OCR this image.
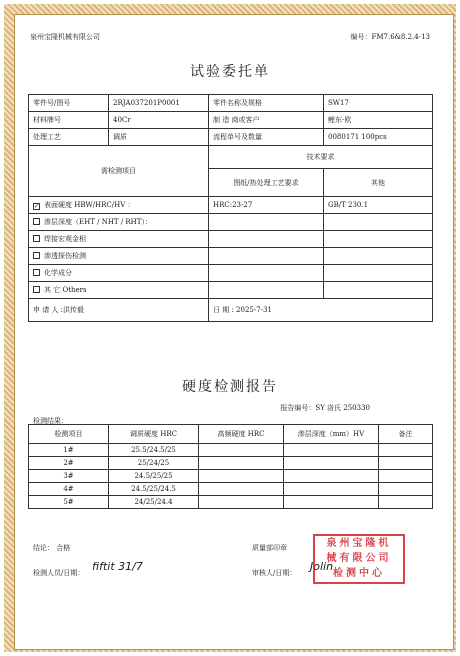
泉州宝隆机械有限公司	编号：FM7.6&8.2.4-13
试验委托单
零件号/图号	2RJA037201P0001	零件名称及规格	SW17
材料牌号	40Cr	制 造 商或客户	鲤东-欧
处理工艺	调质	流程单号及数量	0080171 100pcs
需检测项目		技术要求	
		图纸/热处理工艺要求	其他
✓ 表面硬度 HBW/HRC/HV ：		HRC:23-27	GB/T 230.1
渗层深度（EHT / NHT / RHT）：			
焊接宏观金相			
渗透探伤检测			
化学成分			
其 它 Others			
申 请 人 :洪传毅		日 期 : 2025-7-31	
硬度检测报告
报告编号：SY 洛氏 250330
检测结果：
检测项目	调质硬度 HRC	高频硬度 HRC	渗层深度（mm）HV	备注
1#	25.5/24.5/25			
2#	25/24/25			
3#	24.5/25/25			
4#	24.5/25/24.5			
5#	24/25/24.4			
结论： 合格	质量部印章
检测人员/日期： fiftit 31/7	审核人/日期： Jolin
泉州宝隆机
械有限公司
检测中心
